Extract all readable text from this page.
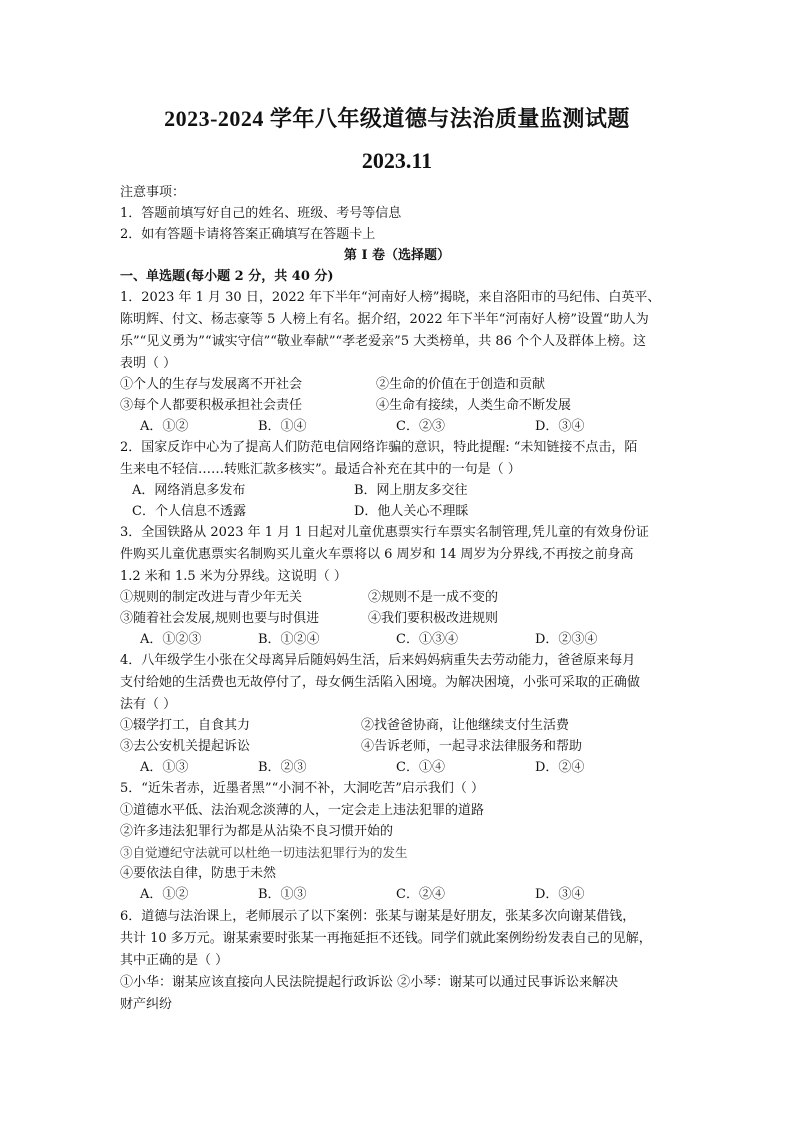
2023-2024 学年八年级道德与法治质量监测试题
2023.11
注意事项：
1．答题前填写好自己的姓名、班级、考号等信息
2．如有答题卡请将答案正确填写在答题卡上
第 I 卷（选择题）
一、单选题(每小题 2 分，共 40 分)
1．2023 年 1 月 30 日，2022 年下半年“河南好人榜”揭晓，来自洛阳市的马纪伟、白英平、
陈明辉、付文、杨志豪等 5 人榜上有名。据介绍，2022 年下半年“河南好人榜”设置“助人为
乐”“见义勇为”“诚实守信”“敬业奉献”“孝老爱亲”5 大类榜单，共 86 个个人及群体上榜。这
表明（ ）
①个人的生存与发展离不开社会	②生命的价值在于创造和贡献
③每个人都要积极承担社会责任	④生命有接续，人类生命不断发展
A．①②	B．①④	C．②③	D．③④
2．国家反诈中心为了提高人们防范电信网络诈骗的意识，特此提醒: “未知链接不点击，陌
生来电不轻信……转账汇款多核实”。最适合补充在其中的一句是（ ）
A．网络消息多发布	B．网上朋友多交往
C．个人信息不透露	D．他人关心不理睬
3．全国铁路从 2023 年 1 月 1 日起对儿童优惠票实行车票实名制管理,凭儿童的有效身份证
件购买儿童优惠票实名制购买儿童火车票将以 6 周岁和 14 周岁为分界线,不再按之前身高
1.2 米和 1.5 米为分界线。这说明（ ）
①规则的制定改进与青少年无关	②规则不是一成不变的
③随着社会发展,规则也要与时俱进	④我们要积极改进规则
A．①②③	B．①②④	C．①③④	D．②③④
4．八年级学生小张在父母离异后随妈妈生活，后来妈妈病重失去劳动能力，爸爸原来每月
支付给她的生活费也无故停付了，母女俩生活陷入困境。为解决困境，小张可采取的正确做
法有（ ）
①辍学打工，自食其力	②找爸爸协商，让他继续支付生活费
③去公安机关提起诉讼	④告诉老师，一起寻求法律服务和帮助
A．①③	B．②③	C．①④	D．②④
5．“近朱者赤，近墨者黑”“小洞不补，大洞吃苦”启示我们（ ）
①道德水平低、法治观念淡薄的人，一定会走上违法犯罪的道路
②许多违法犯罪行为都是从沾染不良习惯开始的
③自觉遵纪守法就可以杜绝一切违法犯罪行为的发生
④要依法自律，防患于未然
A．①②	B．①③	C．②④	D．③④
6．道德与法治课上，老师展示了以下案例：张某与谢某是好朋友，张某多次向谢某借钱，
共计 10 多万元。谢某索要时张某一再拖延拒不还钱。同学们就此案例纷纷发表自己的见解，
其中正确的是（ ）
①小华：谢某应该直接向人民法院提起行政诉讼 ②小琴：谢某可以通过民事诉讼来解决
财产纠纷
